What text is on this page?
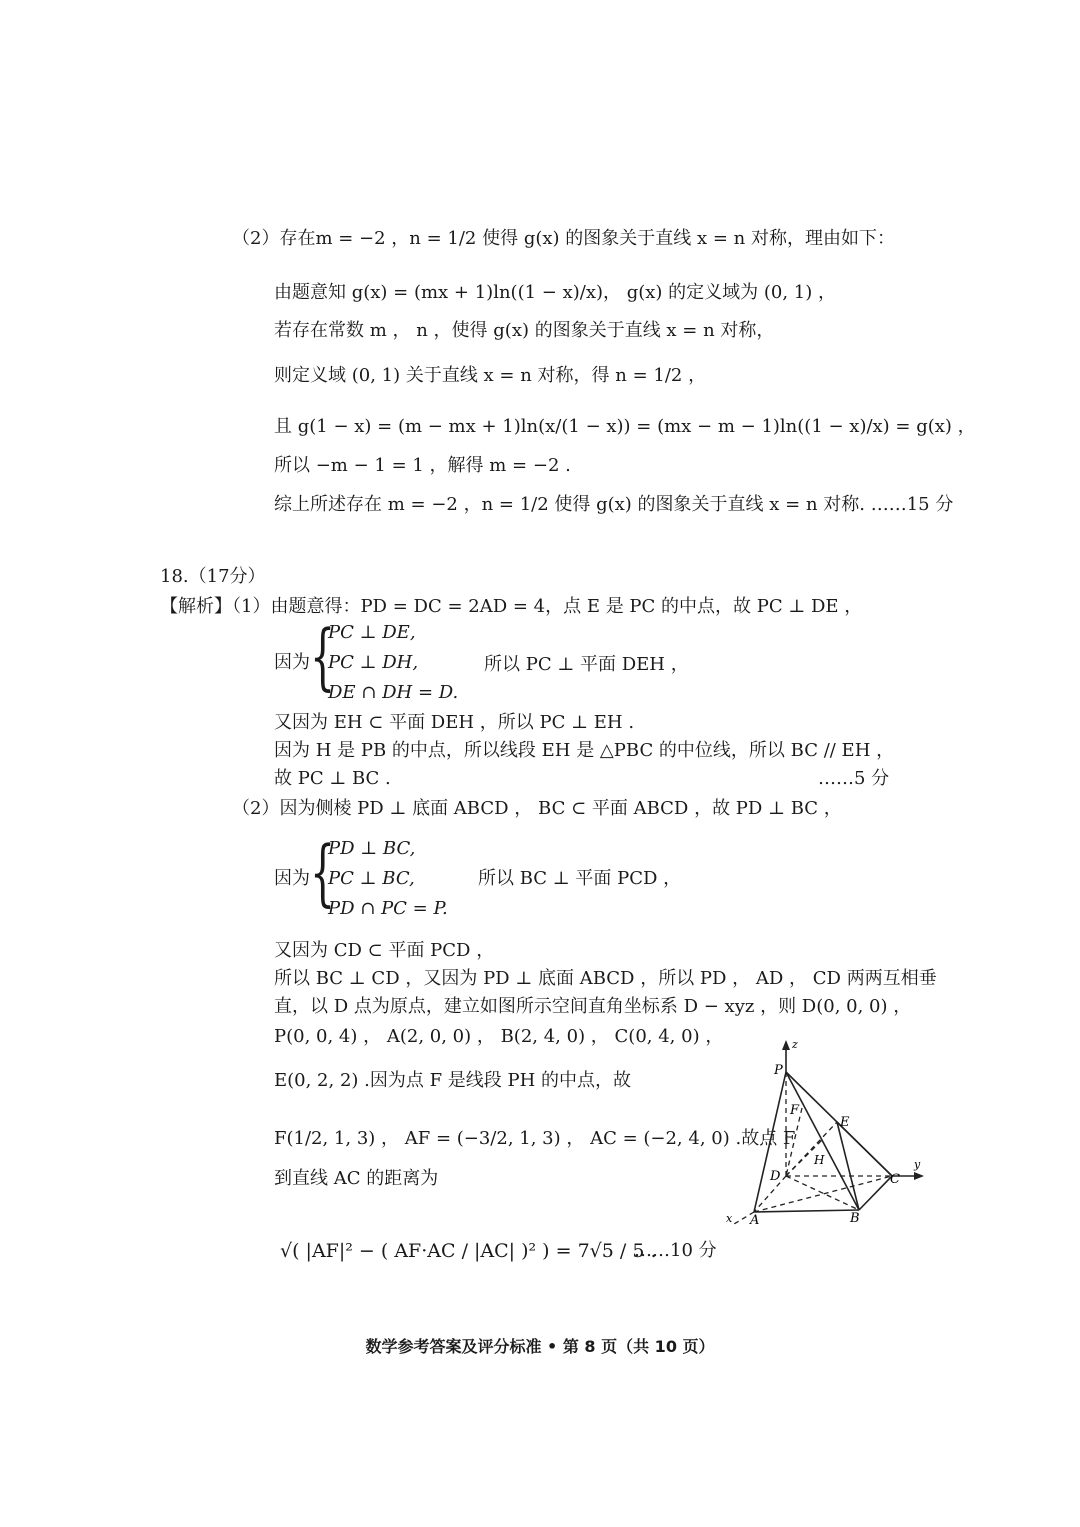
（2）存在m = −2 ，n = 1/2 使得 g(x) 的图象关于直线 x = n 对称，理由如下：
由题意知 g(x) = (mx + 1)ln((1 − x)/x)， g(x) 的定义域为 (0, 1) ，
若存在常数 m ， n ，使得 g(x) 的图象关于直线 x = n 对称，
则定义域 (0, 1) 关于直线 x = n 对称，得 n = 1/2 ，
且 g(1 − x) = (m − mx + 1)ln(x/(1 − x)) = (mx − m − 1)ln((1 − x)/x) = g(x) ，
所以 −m − 1 = 1 ，解得 m = −2 .
综上所述存在 m = −2 ，n = 1/2 使得 g(x) 的图象关于直线 x = n 对称. ……15 分
18.（17分）
【解析】（1）由题意得：PD = DC = 2AD = 4，点 E 是 PC 的中点，故 PC ⊥ DE ，
因为 {
PC ⊥ DE,
PC ⊥ DH,
DE ∩ DH = D.
所以 PC ⊥ 平面 DEH ，
又因为 EH ⊂ 平面 DEH ，所以 PC ⊥ EH .
因为 H 是 PB 的中点，所以线段 EH 是 △PBC 的中位线，所以 BC // EH ，
故 PC ⊥ BC .	……5 分
（2）因为侧棱 PD ⊥ 底面 ABCD ， BC ⊂ 平面 ABCD ，故 PD ⊥ BC ，
因为 {
PD ⊥ BC,
PC ⊥ BC,
PD ∩ PC = P.
所以 BC ⊥ 平面 PCD ，
又因为 CD ⊂ 平面 PCD ，
所以 BC ⊥ CD ，又因为 PD ⊥ 底面 ABCD ，所以 PD ， AD ， CD 两两互相垂
直，以 D 点为原点，建立如图所示空间直角坐标系 D − xyz ，则 D(0, 0, 0) ，
P(0, 0, 4) ， A(2, 0, 0) ， B(2, 4, 0) ， C(0, 4, 0) ，
E(0, 2, 2) .因为点 F 是线段 PH 的中点，故
F(1/2, 1, 3) ， AF = (−3/2, 1, 3) ， AC = (−2, 4, 0) .故点 F
到直线 AC 的距离为
√( |AF|² − ( AF·AC / |AC| )² ) = 7√5 / 5 .
……10 分
z
P
F
E
H
D	C
y
x A	B
数学参考答案及评分标准 • 第 8 页（共 10 页）
